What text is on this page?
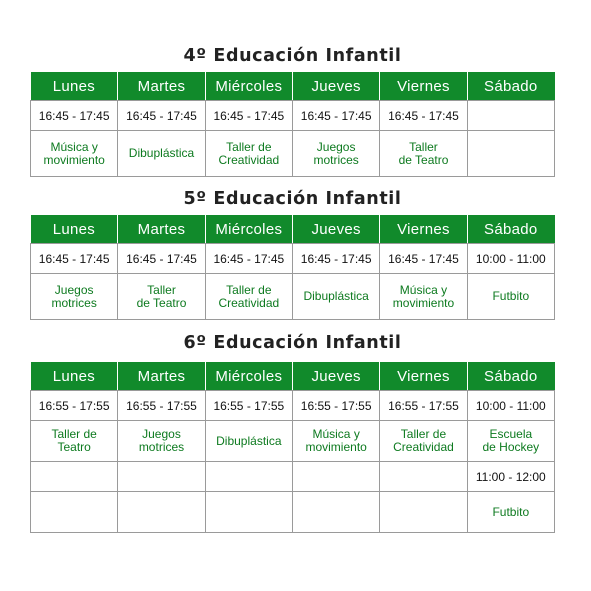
4º Educación Infantil
Lunes	Martes	Miércoles	Jueves	Viernes	Sábado
16:45 - 17:45	16:45 - 17:45	16:45 - 17:45	16:45 - 17:45	16:45 - 17:45	
Música y
movimiento	Dibuplástica	Taller de
Creatividad	Juegos
motrices	Taller
de Teatro	
5º Educación Infantil
Lunes	Martes	Miércoles	Jueves	Viernes	Sábado
16:45 - 17:45	16:45 - 17:45	16:45 - 17:45	16:45 - 17:45	16:45 - 17:45	10:00 - 11:00
Juegos
motrices	Taller
de Teatro	Taller de
Creatividad	Dibuplástica	Música y
movimiento	Futbito
6º Educación Infantil
Lunes	Martes	Miércoles	Jueves	Viernes	Sábado
16:55 - 17:55	16:55 - 17:55	16:55 - 17:55	16:55 - 17:55	16:55 - 17:55	10:00 - 11:00
Taller de
Teatro	Juegos
motrices	Dibuplástica	Música y
movimiento	Taller de
Creatividad	Escuela
de Hockey
					11:00 - 12:00
					Futbito
